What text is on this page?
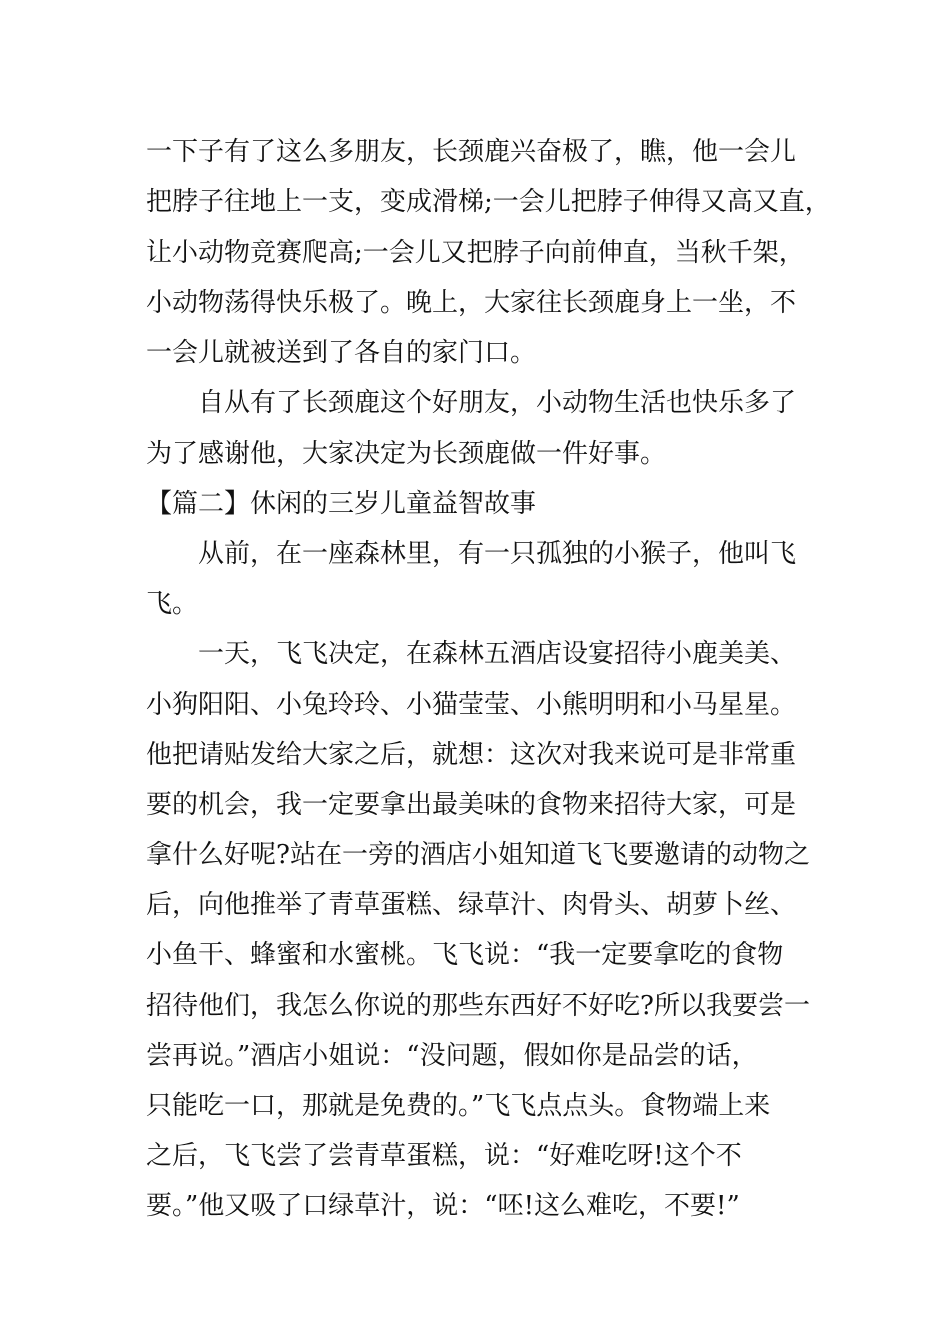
一下子有了这么多朋友，长颈鹿兴奋极了，瞧，他一会儿
把脖子往地上一支，变成滑梯;一会儿把脖子伸得又高又直，
让小动物竞赛爬高;一会儿又把脖子向前伸直，当秋千架，
小动物荡得快乐极了。晚上，大家往长颈鹿身上一坐，不
一会儿就被送到了各自的家门口。
自从有了长颈鹿这个好朋友，小动物生活也快乐多了
为了感谢他，大家决定为长颈鹿做一件好事。
【篇二】休闲的三岁儿童益智故事
从前，在一座森林里，有一只孤独的小猴子，他叫飞
飞。
一天，飞飞决定，在森林五酒店设宴招待小鹿美美、
小狗阳阳、小兔玲玲、小猫莹莹、小熊明明和小马星星。
他把请贴发给大家之后，就想：这次对我来说可是非常重
要的机会，我一定要拿出最美味的食物来招待大家，可是
拿什么好呢?站在一旁的酒店小姐知道飞飞要邀请的动物之
后，向他推举了青草蛋糕、绿草汁、肉骨头、胡萝卜丝、
小鱼干、蜂蜜和水蜜桃。飞飞说：“我一定要拿吃的食物
招待他们，我怎么你说的那些东西好不好吃?所以我要尝一
尝再说。”酒店小姐说：“没问题，假如你是品尝的话，
只能吃一口，那就是免费的。”飞飞点点头。食物端上来
之后，飞飞尝了尝青草蛋糕，说：“好难吃呀!这个不
要。”他又吸了口绿草汁，说：“呸!这么难吃，不要!”
